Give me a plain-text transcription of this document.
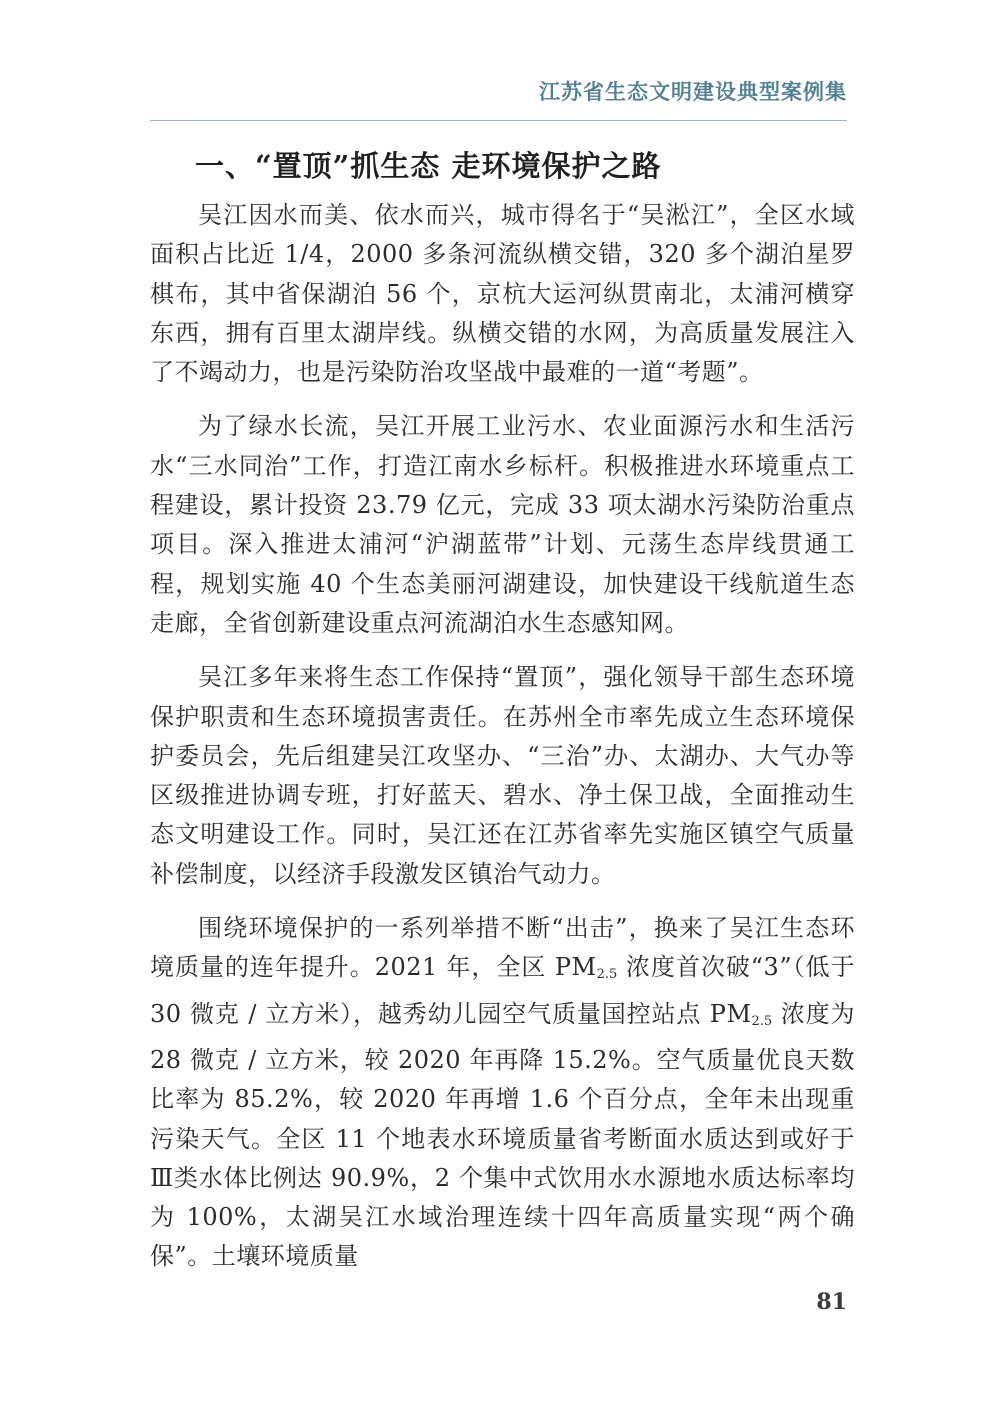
江苏省生态文明建设典型案例集
一、“置顶”抓生态 走环境保护之路

吴江因水而美、依水而兴，城市得名于“吴淞江”，全区水域面积占比近 1/4，2000 多条河流纵横交错，320 多个湖泊星罗棋布，其中省保湖泊 56 个，京杭大运河纵贯南北，太浦河横穿东西，拥有百里太湖岸线。纵横交错的水网，为高质量发展注入了不竭动力，也是污染防治攻坚战中最难的一道“考题”。

为了绿水长流，吴江开展工业污水、农业面源污水和生活污水“三水同治”工作，打造江南水乡标杆。积极推进水环境重点工程建设，累计投资 23.79 亿元，完成 33 项太湖水污染防治重点项目。深入推进太浦河“沪湖蓝带”计划、元荡生态岸线贯通工程，规划实施 40 个生态美丽河湖建设，加快建设干线航道生态走廊，全省创新建设重点河流湖泊水生态感知网。

吴江多年来将生态工作保持“置顶”，强化领导干部生态环境保护职责和生态环境损害责任。在苏州全市率先成立生态环境保护委员会，先后组建吴江攻坚办、“三治”办、太湖办、大气办等区级推进协调专班，打好蓝天、碧水、净土保卫战，全面推动生态文明建设工作。同时，吴江还在江苏省率先实施区镇空气质量补偿制度，以经济手段激发区镇治气动力。

围绕环境保护的一系列举措不断“出击”，换来了吴江生态环境质量的连年提升。2021 年，全区 $PM_{2.5}$ 浓度首次破“3”（低于 30 微克 / 立方米），越秀幼儿园空气质量国控站点 $PM_{2.5}$ 浓度为 28 微克 / 立方米，较 2020 年再降 15.2%。空气质量优良天数比率为 85.2%，较 2020 年再增 1.6 个百分点，全年未出现重污染天气。全区 11 个地表水环境质量省考断面水质达到或好于Ⅲ类水体比例达 90.9%，2 个集中式饮用水水源地水质达标率均为 100%，太湖吴江水域治理连续十四年高质量实现“两个确保”。土壤环境质量

81
